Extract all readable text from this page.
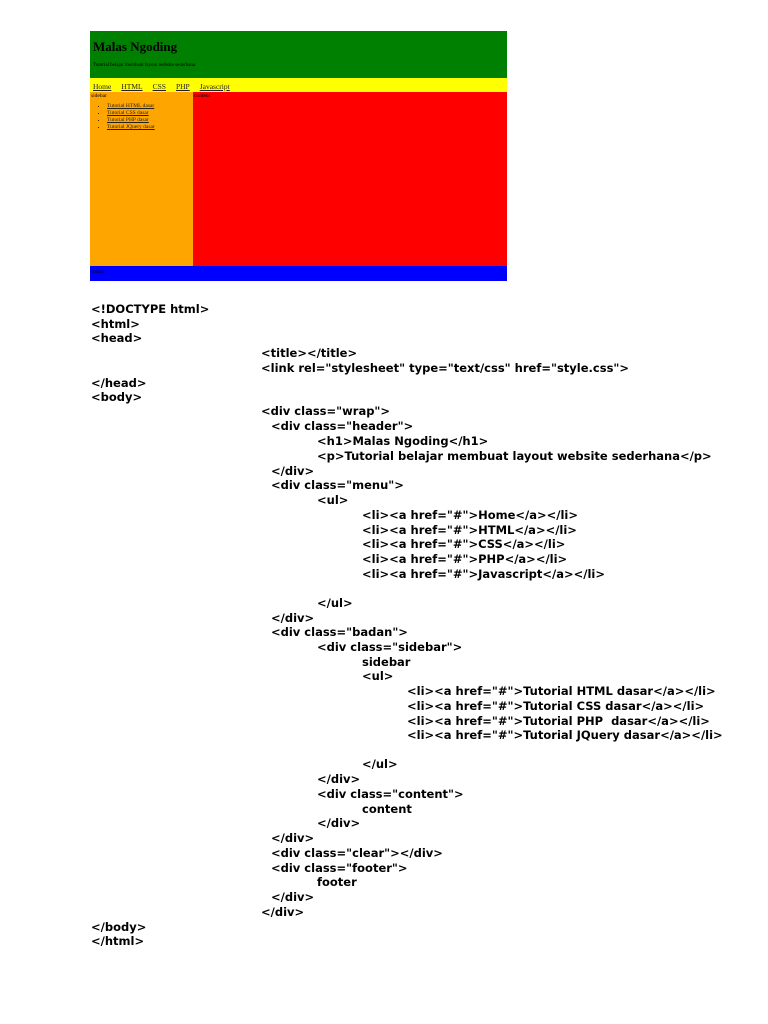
Malas Ngoding

Tutorial belajar membuat layout website sederhana

Home HTML CSS PHP Javascript
sidebar
• Tutorial HTML dasar
• Tutorial CSS dasar
• Tutorial PHP dasar
• Tutorial JQuery dasar
content
footer
<!DOCTYPE html>
<html>
<head>
<title></title>
<link rel="stylesheet" type="text/css" href="style.css">
</head>
<body>
<div class="wrap">
<div class="header">
<h1>Malas Ngoding</h1>
<p>Tutorial belajar membuat layout website sederhana</p>
</div>
<div class="menu">
<ul>
<li><a href="#">Home</a></li>
<li><a href="#">HTML</a></li>
<li><a href="#">CSS</a></li>
<li><a href="#">PHP</a></li>
<li><a href="#">Javascript</a></li>
</ul>
</div>
<div class="badan">
<div class="sidebar">
sidebar
<ul>
<li><a href="#">Tutorial HTML dasar</a></li>
<li><a href="#">Tutorial CSS dasar</a></li>
<li><a href="#">Tutorial PHP  dasar</a></li>
<li><a href="#">Tutorial JQuery dasar</a></li>
</ul>
</div>
<div class="content">
content
</div>
</div>
<div class="clear"></div>
<div class="footer">
footer
</div>
</div>
</body>
</html>
